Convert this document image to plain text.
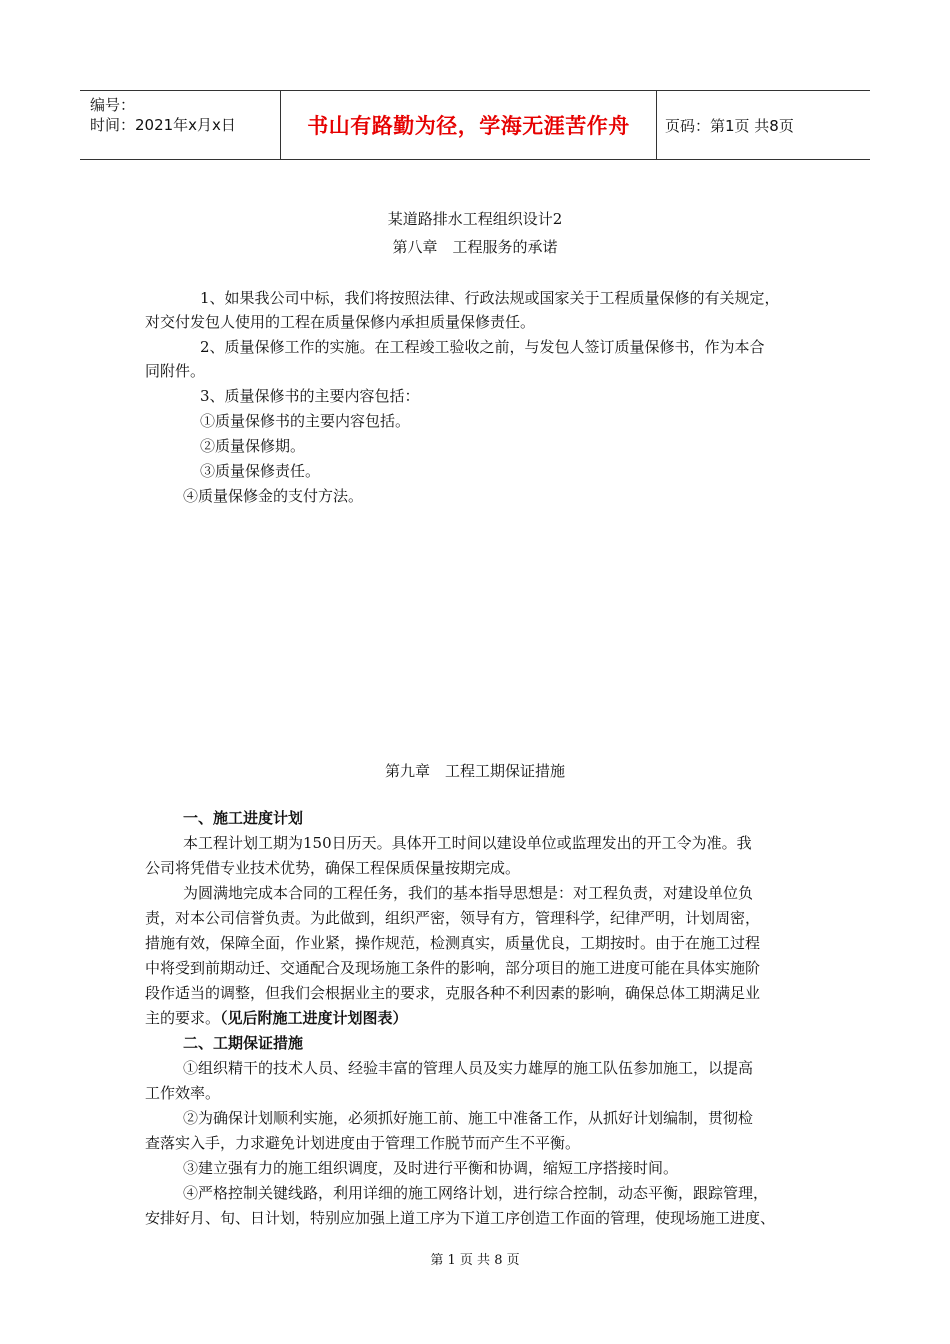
编号：
时间：2021年x月x日	书山有路勤为径，学海无涯苦作舟	页码：第1页 共8页
某道路排水工程组织设计2
第八章　工程服务的承诺
1、如果我公司中标，我们将按照法律、行政法规或国家关于工程质量保修的有关规定，
对交付发包人使用的工程在质量保修内承担质量保修责任。
2、质量保修工作的实施。在工程竣工验收之前，与发包人签订质量保修书，作为本合
同附件。
3、质量保修书的主要内容包括：
①质量保修书的主要内容包括。
②质量保修期。
③质量保修责任。
④质量保修金的支付方法。
第九章　工程工期保证措施
一、施工进度计划
本工程计划工期为150日历天。具体开工时间以建设单位或监理发出的开工令为准。我
公司将凭借专业技术优势，确保工程保质保量按期完成。
为圆满地完成本合同的工程任务，我们的基本指导思想是：对工程负责，对建设单位负
责，对本公司信誉负责。为此做到，组织严密，领导有方，管理科学，纪律严明，计划周密，
措施有效，保障全面，作业紧，操作规范，检测真实，质量优良，工期按时。由于在施工过程
中将受到前期动迁、交通配合及现场施工条件的影响，部分项目的施工进度可能在具体实施阶
段作适当的调整，但我们会根据业主的要求，克服各种不利因素的影响，确保总体工期满足业
主的要求。（见后附施工进度计划图表）
二、工期保证措施
①组织精干的技术人员、经验丰富的管理人员及实力雄厚的施工队伍参加施工，以提高
工作效率。
②为确保计划顺利实施，必须抓好施工前、施工中准备工作，从抓好计划编制，贯彻检
查落实入手，力求避免计划进度由于管理工作脱节而产生不平衡。
③建立强有力的施工组织调度，及时进行平衡和协调，缩短工序搭接时间。
④严格控制关键线路，利用详细的施工网络计划，进行综合控制，动态平衡，跟踪管理，
安排好月、旬、日计划，特别应加强上道工序为下道工序创造工作面的管理，使现场施工进度、
第 1 页 共 8 页
